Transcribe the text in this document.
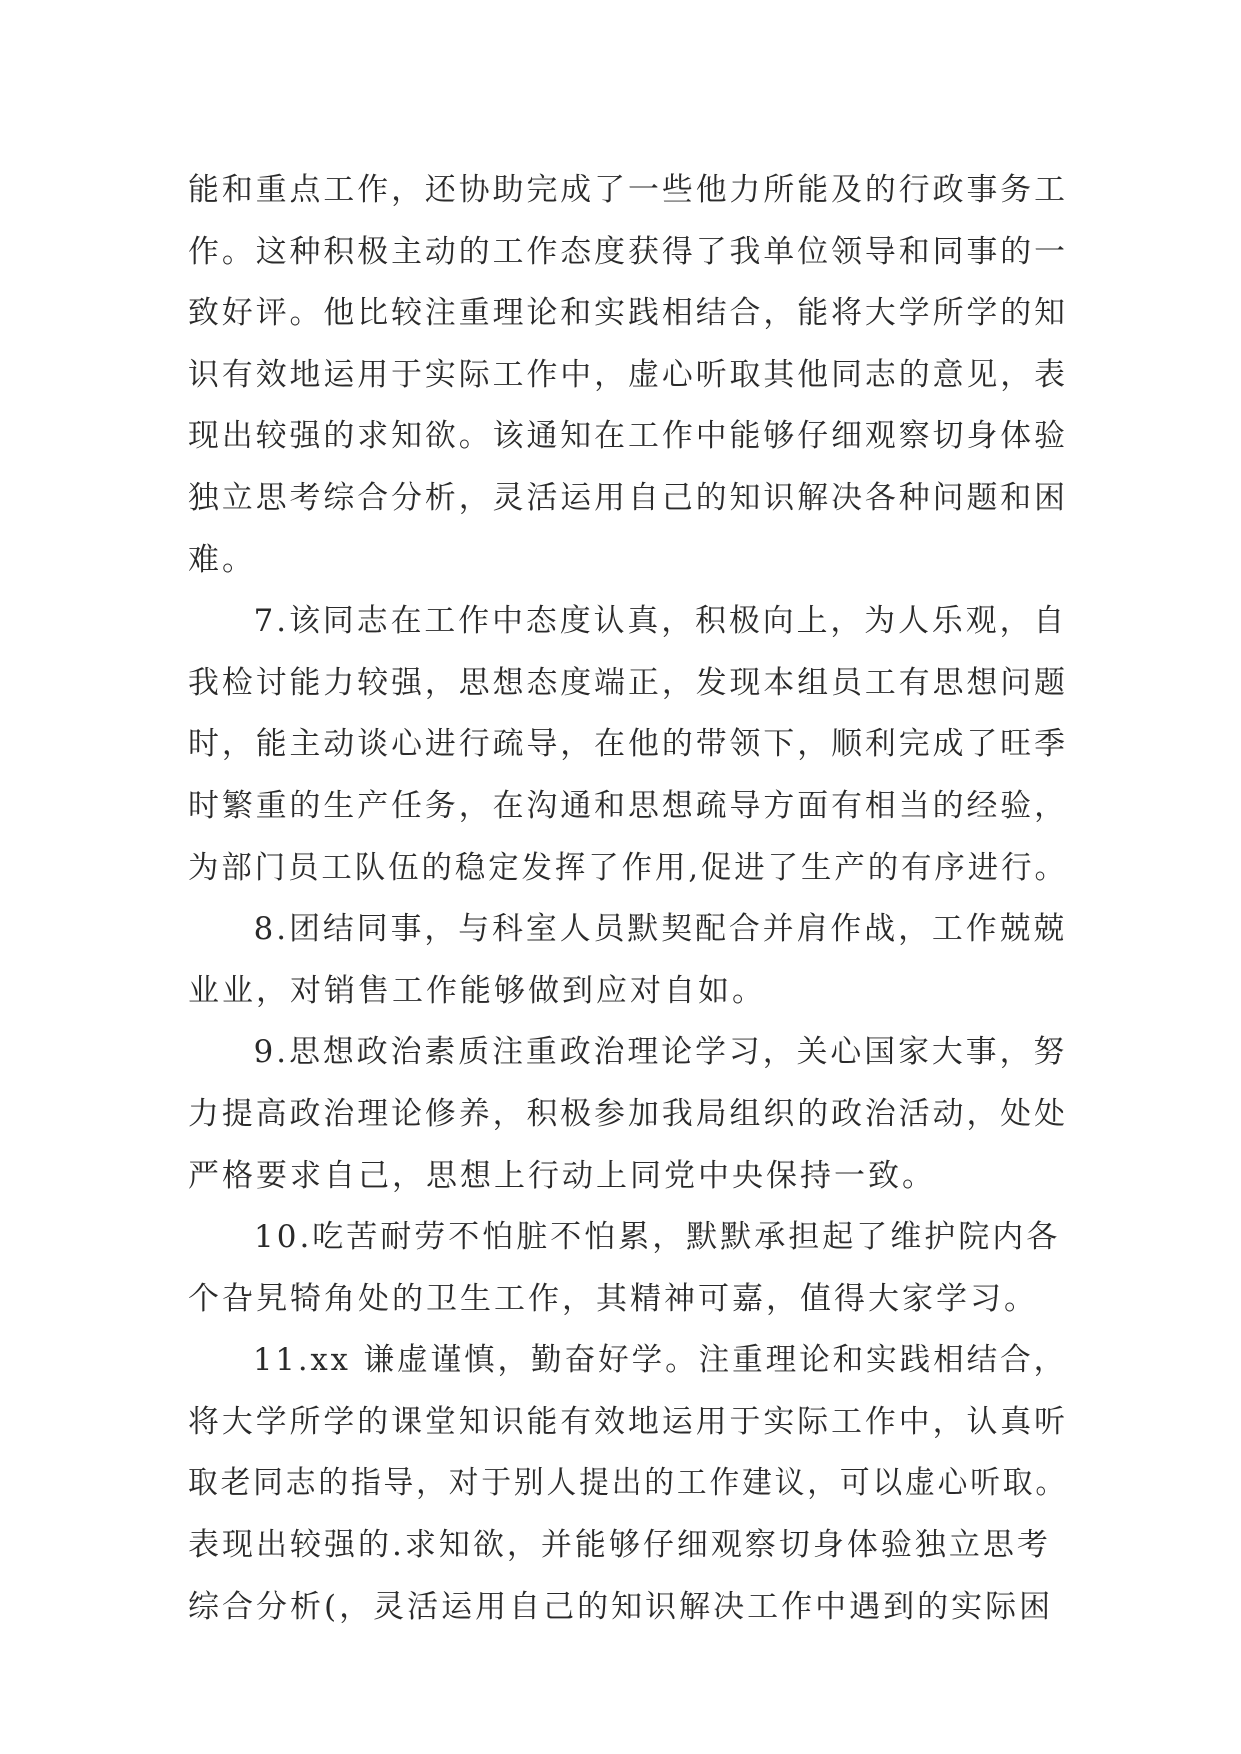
能和重点工作，还协助完成了一些他力所能及的行政事务工
作。这种积极主动的工作态度获得了我单位领导和同事的一
致好评。他比较注重理论和实践相结合，能将大学所学的知
识有效地运用于实际工作中，虚心听取其他同志的意见，表
现出较强的求知欲。该通知在工作中能够仔细观察切身体验
独立思考综合分析，灵活运用自己的知识解决各种问题和困
难。
7.该同志在工作中态度认真，积极向上，为人乐观，自
我检讨能力较强，思想态度端正，发现本组员工有思想问题
时，能主动谈心进行疏导，在他的带领下，顺利完成了旺季
时繁重的生产任务，在沟通和思想疏导方面有相当的经验，
为部门员工队伍的稳定发挥了作用,促进了生产的有序进行。
8.团结同事，与科室人员默契配合并肩作战，工作兢兢
业业，对销售工作能够做到应对自如。
9.思想政治素质注重政治理论学习，关心国家大事，努
力提高政治理论修养，积极参加我局组织的政治活动，处处
严格要求自己，思想上行动上同党中央保持一致。
10.吃苦耐劳不怕脏不怕累，默默承担起了维护院内各
个旮旯犄角处的卫生工作，其精神可嘉，值得大家学习。
11.xx 谦虚谨慎，勤奋好学。注重理论和实践相结合，
将大学所学的课堂知识能有效地运用于实际工作中，认真听
取老同志的指导，对于别人提出的工作建议，可以虚心听取。
表现出较强的.求知欲，并能够仔细观察切身体验独立思考
综合分析(，灵活运用自己的知识解决工作中遇到的实际困
